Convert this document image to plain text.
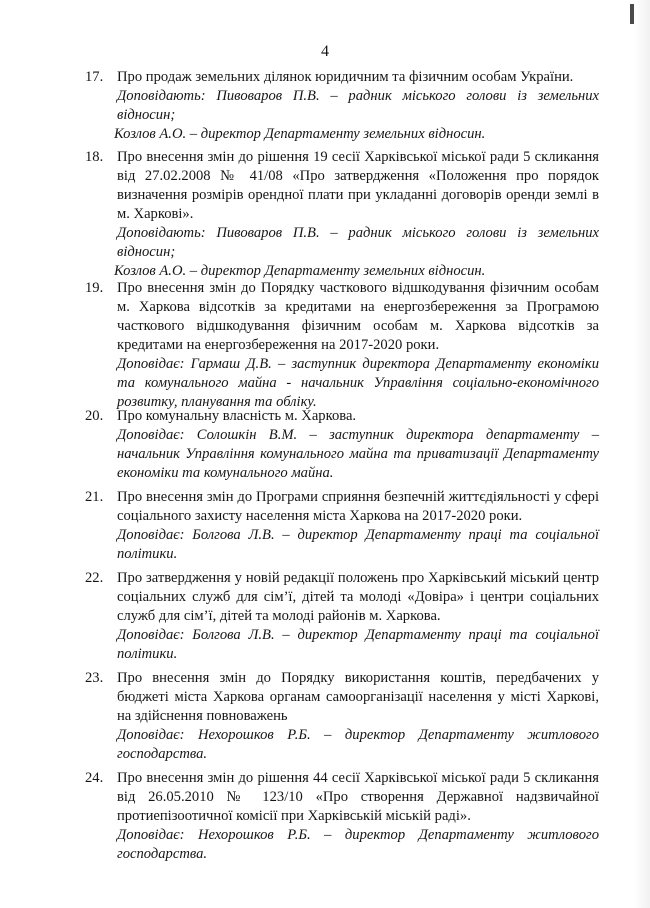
4
17. Про продаж земельних ділянок юридичним та фізичним особам України.
Доповідають: Пивоваров П.В. – радник міського голови із земельних відносин;
Козлов А.О. – директор Департаменту земельних відносин.
18. Про внесення змін до рішення 19 сесії Харківської міської ради 5 скликання від 27.02.2008 № 41/08 «Про затвердження «Положення про порядок визначення розмірів орендної плати при укладанні договорів оренди землі в м. Харкові».
Доповідають: Пивоваров П.В. – радник міського голови із земельних відносин;
Козлов А.О. – директор Департаменту земельних відносин.
19. Про внесення змін до Порядку часткового відшкодування фізичним особам м. Харкова відсотків за кредитами на енергозбереження за Програмою часткового відшкодування фізичним особам м. Харкова відсотків за кредитами на енергозбереження на 2017-2020 роки.
Доповідає: Гармаш Д.В. – заступник директора Департаменту економіки та комунального майна - начальник Управління соціально-економічного розвитку, планування та обліку.
20. Про комунальну власність м. Харкова.
Доповідає: Солошкін В.М. – заступник директора департаменту – начальник Управління комунального майна та приватизації Департаменту економіки та комунального майна.
21. Про внесення змін до Програми сприяння безпечній життєдіяльності у сфері соціального захисту населення міста Харкова на 2017-2020 роки.
Доповідає: Болгова Л.В. – директор Департаменту праці та соціальної політики.
22. Про затвердження у новій редакції положень про Харківський міський центр соціальних служб для сім’ї, дітей та молоді «Довіра» і центри соціальних служб для сім’ї, дітей та молоді районів м. Харкова.
Доповідає: Болгова Л.В. – директор Департаменту праці та соціальної політики.
23. Про внесення змін до Порядку використання коштів, передбачених у бюджеті міста Харкова органам самоорганізації населення у місті Харкові, на здійснення повноважень
Доповідає: Нехорошков Р.Б. – директор Департаменту житлового господарства.
24. Про внесення змін до рішення 44 сесії Харківської міської ради 5 скликання від 26.05.2010 № 123/10 «Про створення Державної надзвичайної протиепізоотичної комісії при Харківській міській раді».
Доповідає: Нехорошков Р.Б. – директор Департаменту житлового господарства.
